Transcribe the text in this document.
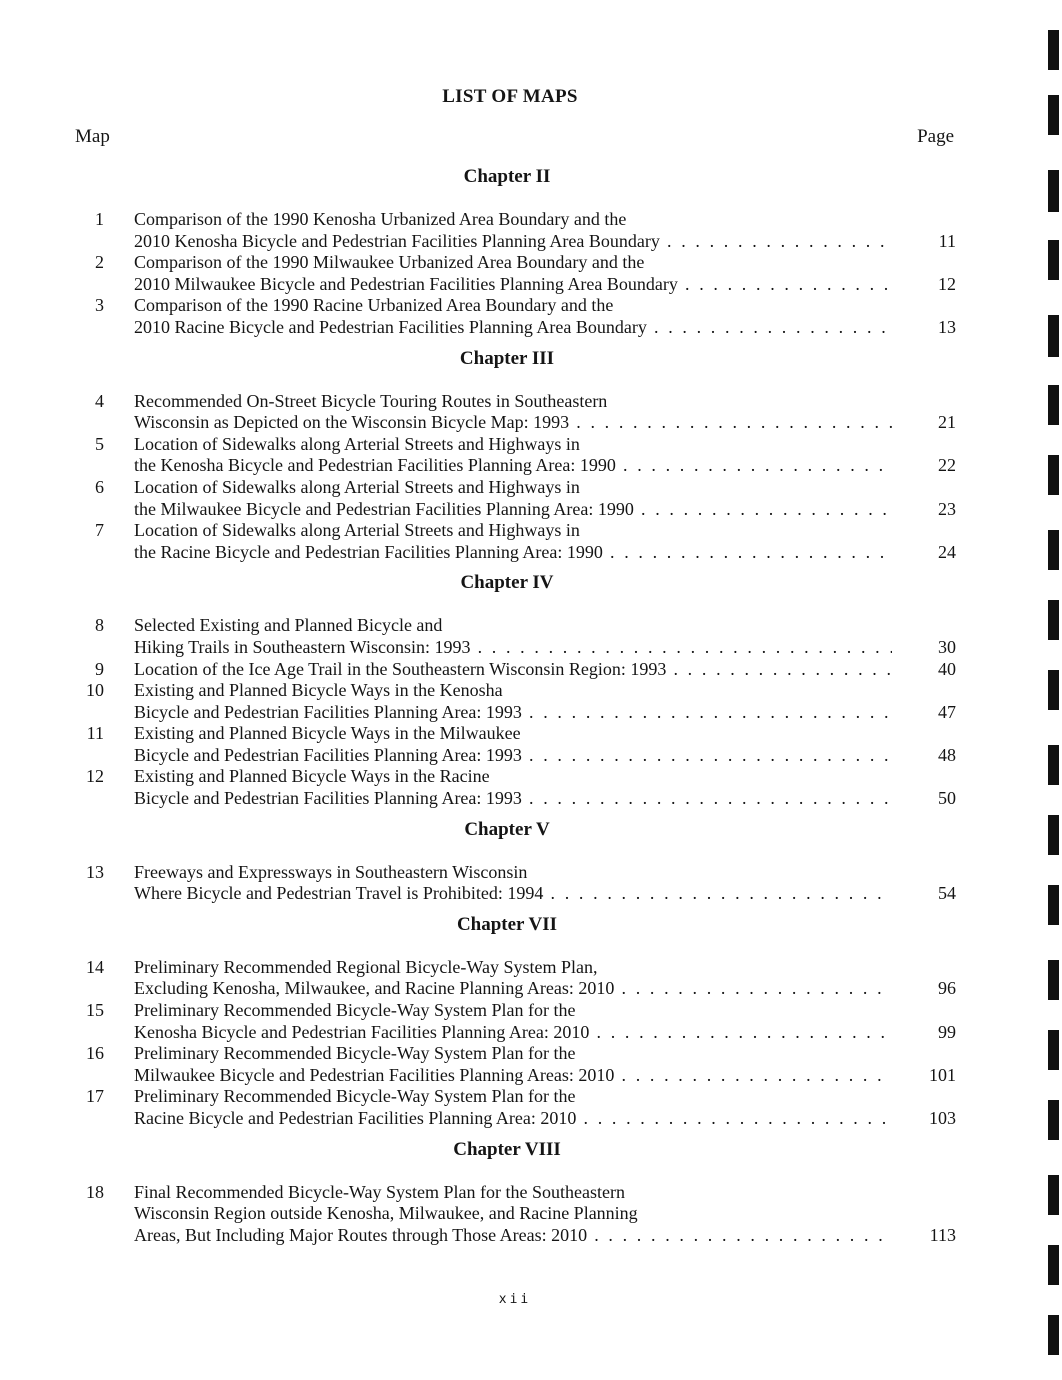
LIST OF MAPS
Map	Page
Chapter II
1 Comparison of the 1990 Kenosha Urbanized Area Boundary and the
2010 Kenosha Bicycle and Pedestrian Facilities Planning Area Boundary . . .	11
2 Comparison of the 1990 Milwaukee Urbanized Area Boundary and the
2010 Milwaukee Bicycle and Pedestrian Facilities Planning Area Boundary . . .	12
3 Comparison of the 1990 Racine Urbanized Area Boundary and the
2010 Racine Bicycle and Pedestrian Facilities Planning Area Boundary . . .	13
Chapter III
4 Recommended On-Street Bicycle Touring Routes in Southeastern
Wisconsin as Depicted on the Wisconsin Bicycle Map: 1993 . . .	21
5 Location of Sidewalks along Arterial Streets and Highways in
the Kenosha Bicycle and Pedestrian Facilities Planning Area: 1990 . . .	22
6 Location of Sidewalks along Arterial Streets and Highways in
the Milwaukee Bicycle and Pedestrian Facilities Planning Area: 1990 . . .	23
7 Location of Sidewalks along Arterial Streets and Highways in
the Racine Bicycle and Pedestrian Facilities Planning Area: 1990 . . .	24
Chapter IV
8 Selected Existing and Planned Bicycle and
Hiking Trails in Southeastern Wisconsin: 1993 . . .	30
9 Location of the Ice Age Trail in the Southeastern Wisconsin Region: 1993 . . .	40
10 Existing and Planned Bicycle Ways in the Kenosha
Bicycle and Pedestrian Facilities Planning Area: 1993 . . .	47
11 Existing and Planned Bicycle Ways in the Milwaukee
Bicycle and Pedestrian Facilities Planning Area: 1993 . . .	48
12 Existing and Planned Bicycle Ways in the Racine
Bicycle and Pedestrian Facilities Planning Area: 1993 . . .	50
Chapter V
13 Freeways and Expressways in Southeastern Wisconsin
Where Bicycle and Pedestrian Travel is Prohibited: 1994 . . .	54
Chapter VII
14 Preliminary Recommended Regional Bicycle-Way System Plan,
Excluding Kenosha, Milwaukee, and Racine Planning Areas: 2010 . . .	96
15 Preliminary Recommended Bicycle-Way System Plan for the
Kenosha Bicycle and Pedestrian Facilities Planning Area: 2010 . . .	99
16 Preliminary Recommended Bicycle-Way System Plan for the
Milwaukee Bicycle and Pedestrian Facilities Planning Areas: 2010 . . .	101
17 Preliminary Recommended Bicycle-Way System Plan for the
Racine Bicycle and Pedestrian Facilities Planning Area: 2010 . . .	103
Chapter VIII
18 Final Recommended Bicycle-Way System Plan for the Southeastern
Wisconsin Region outside Kenosha, Milwaukee, and Racine Planning
Areas, But Including Major Routes through Those Areas: 2010 . . .	113
xii
